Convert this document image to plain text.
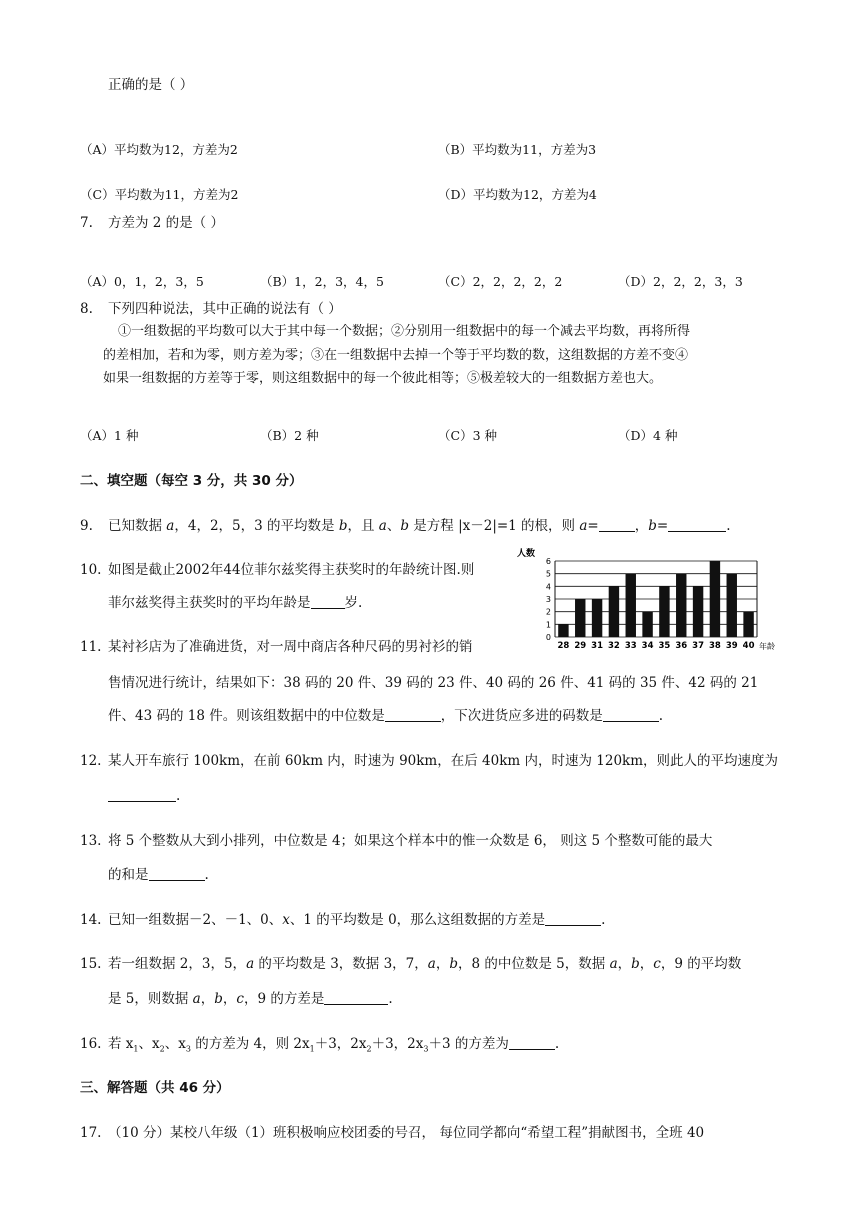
正确的是（ ）
（A）平均数为12，方差为2	（B）平均数为11，方差为3
（C）平均数为11，方差为2	（D）平均数为12，方差为4
7. 方差为 2 的是（ ）
（A）0，1，2，3，5	（B）1，2，3，4，5	（C）2，2，2，2，2	（D）2，2，2，3，3
8. 下列四种说法，其中正确的说法有（ ）
①一组数据的平均数可以大于其中每一个数据；②分别用一组数据中的每一个减去平均数，再将所得
的差相加，若和为零，则方差为零；③在一组数据中去掉一个等于平均数的数，这组数据的方差不变④
如果一组数据的方差等于零，则这组数据中的每一个彼此相等；⑤极差较大的一组数据方差也大。
（A）1 种	（B）2 种	（C）3 种	（D）4 种
二、填空题（每空 3 分，共 30 分）
9. 已知数据 a，4，2，5，3 的平均数是 b，且 a、b 是方程 |x－2|=1 的根，则 a=	，b=	.
10. 如图是截止2002年44位菲尔兹奖得主获奖时的年龄统计图.则
菲尔兹奖得主获奖时的平均年龄是	岁.
人数
0
1
2
3
4
5
6
28 29 31 32 33 34 35 36 37 38 39 40 年龄
11. 某衬衫店为了准确进货，对一周中商店各种尺码的男衬衫的销
售情况进行统计，结果如下：38 码的 20 件、39 码的 23 件、40 码的 26 件、41 码的 35 件、42 码的 21
件、43 码的 18 件。则该组数据中的中位数是	，下次进货应多进的码数是	.
12. 某人开车旅行 100km，在前 60km 内，时速为 90km，在后 40km 内，时速为 120km，则此人的平均速度为
.
13. 将 5 个整数从大到小排列，中位数是 4；如果这个样本中的惟一众数是 6， 则这 5 个整数可能的最大
的和是	.
14. 已知一组数据－2、－1、0、x、1 的平均数是 0，那么这组数据的方差是	.
15. 若一组数据 2，3，5，a 的平均数是 3，数据 3，7，a，b，8 的中位数是 5，数据 a，b，c，9 的平均数
是 5，则数据 a，b，c，9 的方差是	.
16. 若 $x_1$、$x_2$、$x_3$ 的方差为 4，则 $2x_1+3$，$2x_2+3$，$2x_3+3$ 的方差为	.
三、解答题（共 46 分）
17. （10 分）某校八年级（1）班积极响应校团委的号召， 每位同学都向“希望工程”捐献图书，全班 40
